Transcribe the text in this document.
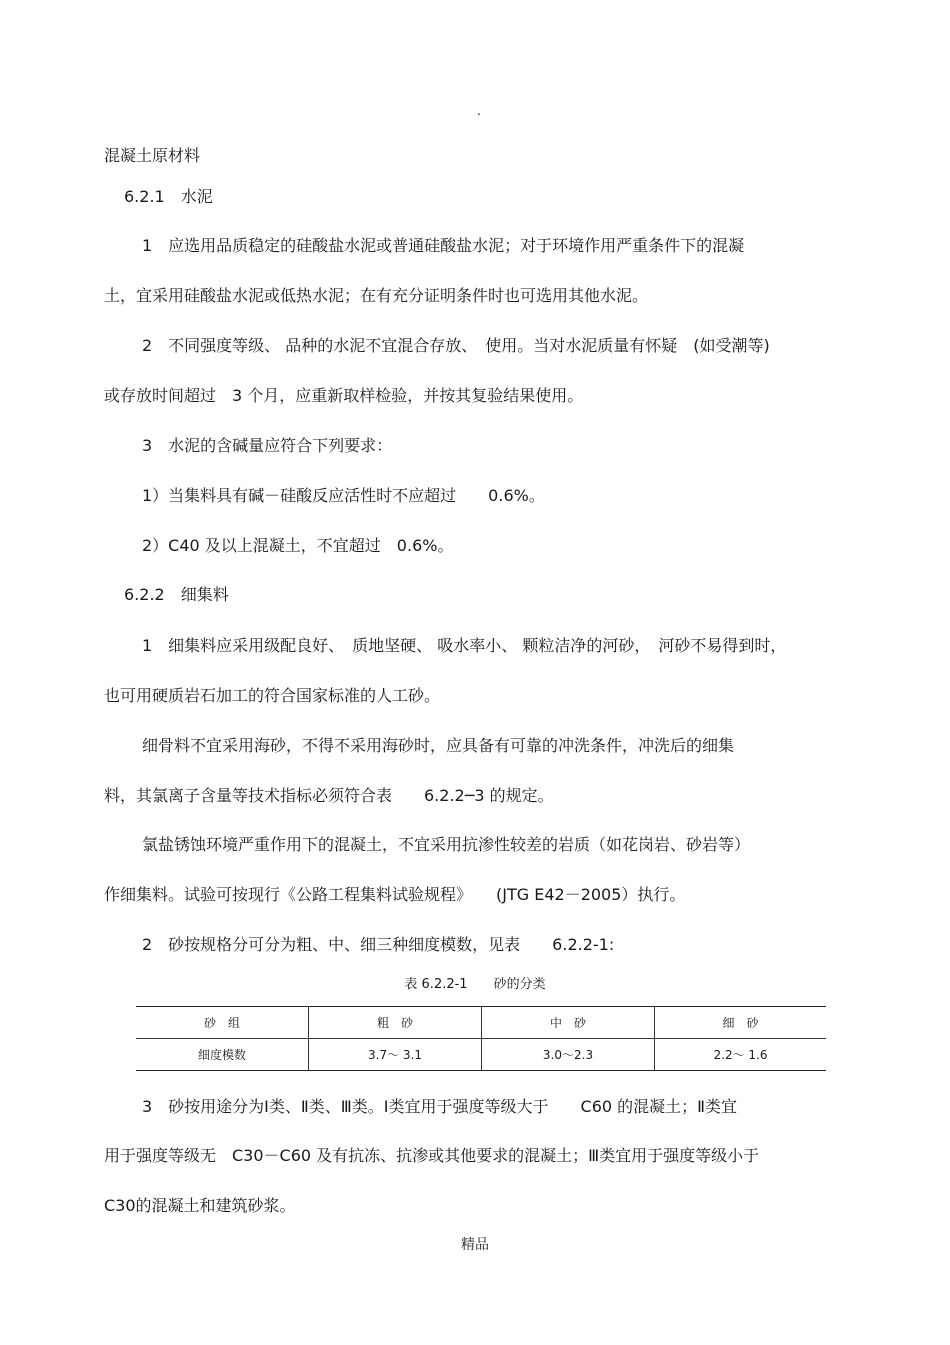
.
混凝土原材料
6.2.1　水泥
1　应选用品质稳定的硅酸盐水泥或普通硅酸盐水泥；对于环境作用严重条件下的混凝
土，宜采用硅酸盐水泥或低热水泥；在有充分证明条件时也可选用其他水泥。
2　不同强度等级、 品种的水泥不宜混合存放、　使用。当对水泥质量有怀疑　(如受潮等)
或存放时间超过　3 个月，应重新取样检验，并按其复验结果使用。
3　水泥的含碱量应符合下列要求：
1）当集料具有碱－硅酸反应活性时不应超过　　0.6%。
2）C40 及以上混凝土，不宜超过　0.6%。
6.2.2　细集料
1　细集料应采用级配良好、　质地坚硬、 吸水率小、 颗粒洁净的河砂，　河砂不易得到时，
也可用硬质岩石加工的符合国家标准的人工砂。
细骨料不宜采用海砂，不得不采用海砂时，应具备有可靠的冲洗条件，冲洗后的细集
料，其氯离子含量等技术指标必须符合表　　6.2.2─3 的规定。
氯盐锈蚀环境严重作用下的混凝土，不宜采用抗渗性较差的岩质（如花岗岩、砂岩等）
作细集料。试验可按现行《公路工程集料试验规程》　　(JTG E42－2005）执行。
2　砂按规格分可分为粗、中、细三种细度模数，见表　　6.2.2-1:
表 6.2.2-1　　砂的分类
砂　组	粗　砂	中　砂	细　砂
细度模数	3.7～ 3.1	3.0～2.3	2.2～ 1.6
3　砂按用途分为Ⅰ类、Ⅱ类、Ⅲ类。Ⅰ类宜用于强度等级大于　　C60 的混凝土；Ⅱ类宜
用于强度等级无　C30－C60 及有抗冻、抗渗或其他要求的混凝土；Ⅲ类宜用于强度等级小于
C30的混凝土和建筑砂浆。
精品
